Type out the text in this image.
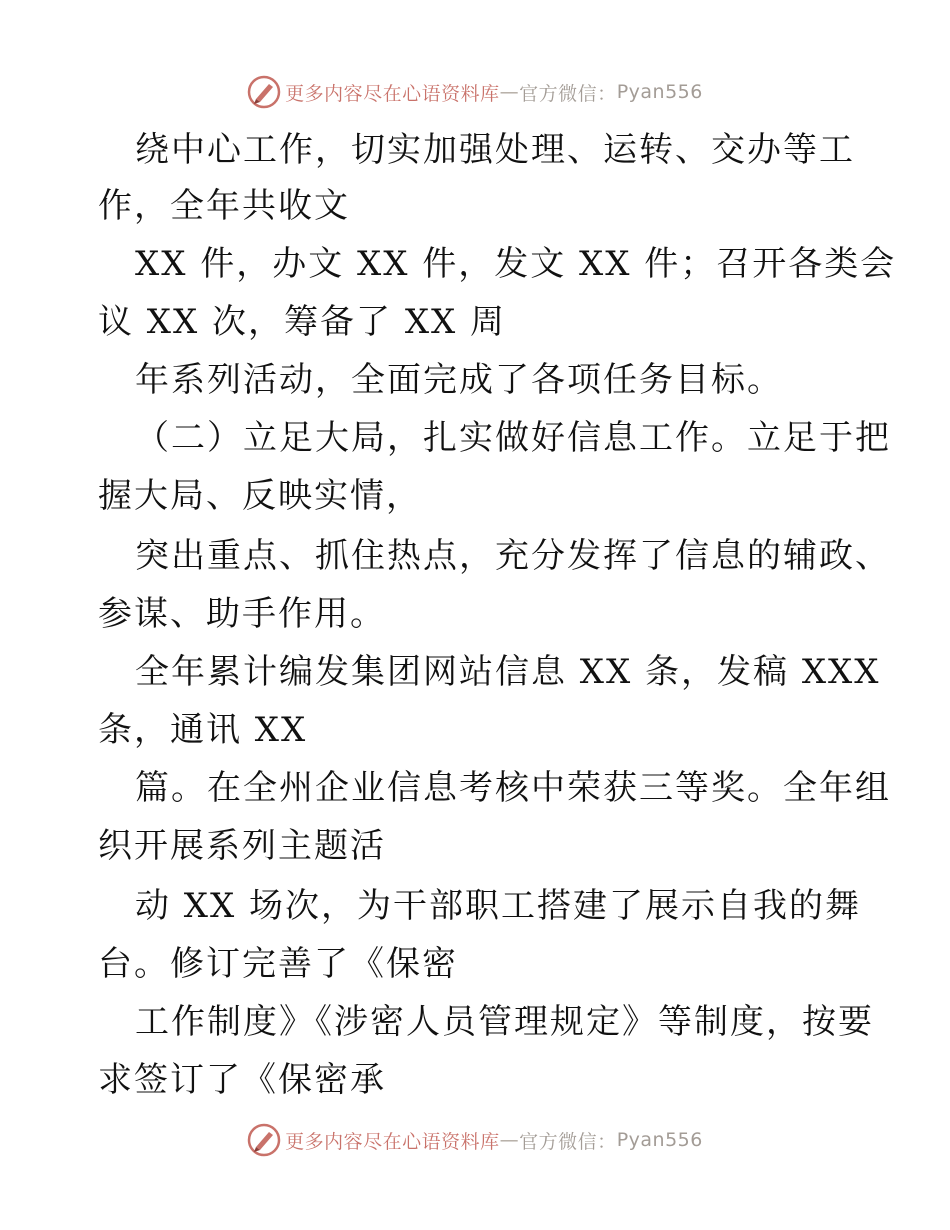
更多内容尽在心语资料库 — 官方微信： Pyan556
绕中心工作，切实加强处理、运转、交办等工
作，全年共收文
XX 件，办文 XX 件，发文 XX 件；召开各类会
议 XX 次，筹备了 XX 周
年系列活动，全面完成了各项任务目标。
（二）立足大局，扎实做好信息工作。立足于把
握大局、反映实情，
突出重点、抓住热点，充分发挥了信息的辅政、
参谋、助手作用。
全年累计编发集团网站信息 XX 条，发稿 XXX
条，通讯 XX
篇。在全州企业信息考核中荣获三等奖。全年组
织开展系列主题活
动 XX 场次，为干部职工搭建了展示自我的舞
台。修订完善了《保密
工作制度》《涉密人员管理规定》等制度，按要
求签订了《保密承
更多内容尽在心语资料库 — 官方微信： Pyan556
